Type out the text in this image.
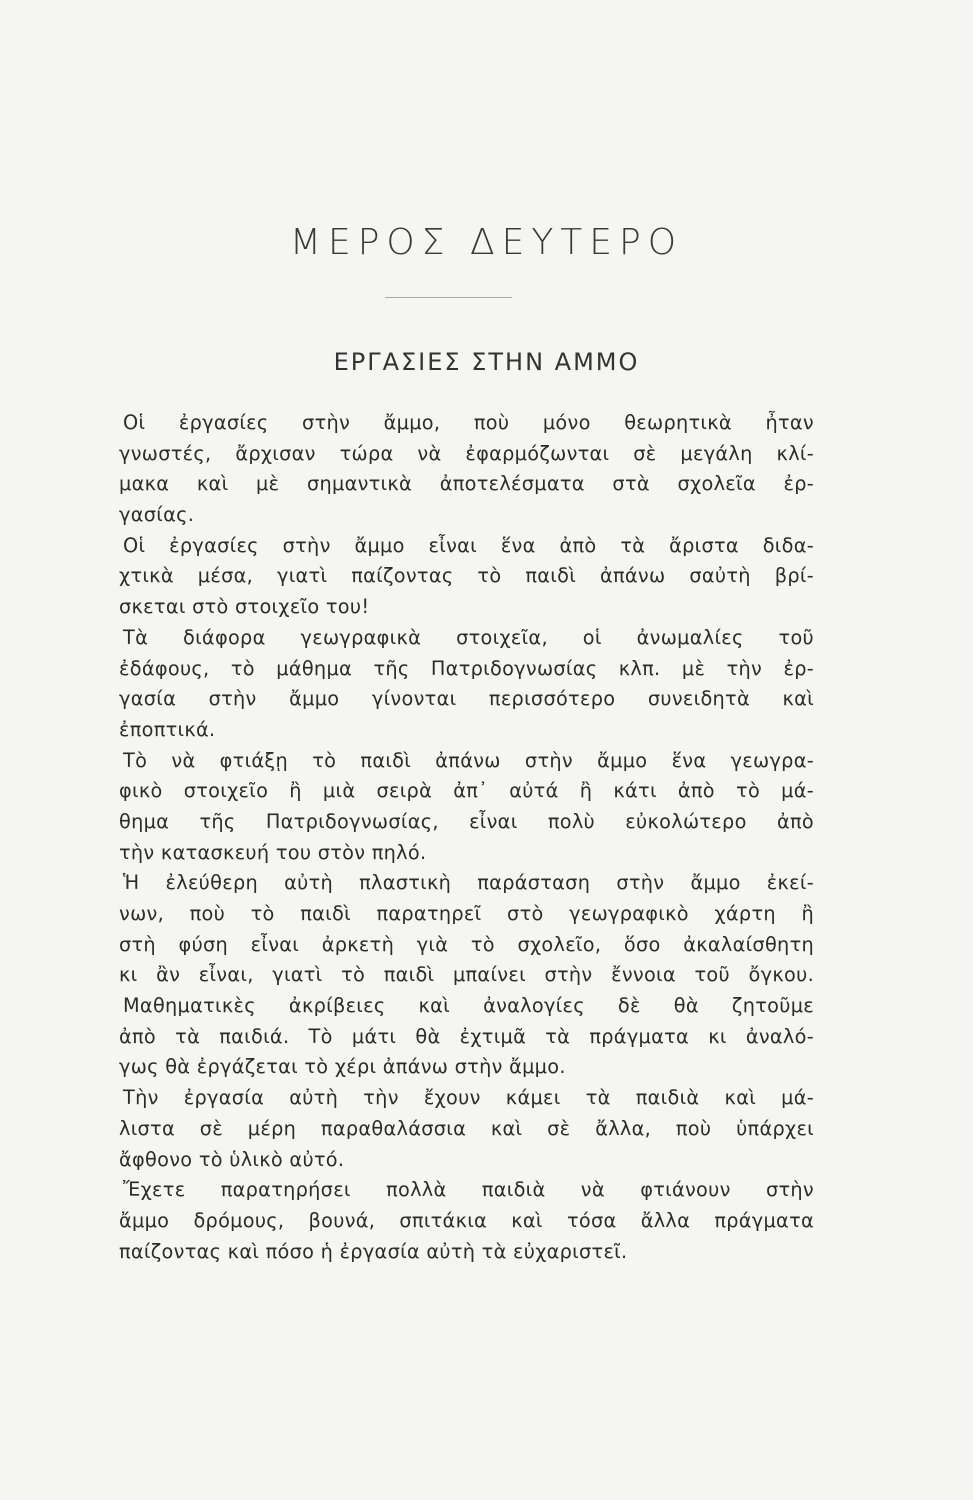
ΜΕΡΟΣ ΔΕΥΤΕΡΟ
ΕΡΓΑΣΙΕΣ ΣΤΗΝ ΑΜΜΟ
Οἱ ἐργασίες στὴν ἄμμο, ποὺ μόνο θεωρητικὰ ἦταν
γνωστές, ἄρχισαν τώρα νὰ ἐφαρμόζωνται σὲ μεγάλη κλί-
μακα καὶ μὲ σημαντικὰ ἀποτελέσματα στὰ σχολεῖα ἐρ-
γασίας.
Οἱ ἐργασίες στὴν ἄμμο εἶναι ἕνα ἀπὸ τὰ ἄριστα διδα-
χτικὰ μέσα, γιατὶ παίζοντας τὸ παιδὶ ἀπάνω σαὐτὴ βρί-
σκεται στὸ στοιχεῖο του!
Τὰ διάφορα γεωγραφικὰ στοιχεῖα, οἱ ἀνωμαλίες τοῦ
ἐδάφους, τὸ μάθημα τῆς Πατριδογνωσίας κλπ. μὲ τὴν ἐρ-
γασία στὴν ἄμμο γίνονται περισσότερο συνειδητὰ καὶ
ἐποπτικά.
Τὸ νὰ φτιάξῃ τὸ παιδὶ ἀπάνω στὴν ἄμμο ἕνα γεωγρα-
φικὸ στοιχεῖο ἢ μιὰ σειρὰ ἀπ᾽ αὐτά ἢ κάτι ἀπὸ τὸ μά-
θημα τῆς Πατριδογνωσίας, εἶναι πολὺ εὐκολώτερο ἀπὸ
τὴν κατασκευή του στὸν πηλό.
Ἡ ἐλεύθερη αὐτὴ πλαστικὴ παράσταση στὴν ἄμμο ἐκεί-
νων, ποὺ τὸ παιδὶ παρατηρεῖ στὸ γεωγραφικὸ χάρτη ἢ
στὴ φύση εἶναι ἀρκετὴ γιὰ τὸ σχολεῖο, ὅσο ἀκαλαίσθητη
κι ἂν εἶναι, γιατὶ τὸ παιδὶ μπαίνει στὴν ἔννοια τοῦ ὄγκου.
Μαθηματικὲς ἀκρίβειες καὶ ἀναλογίες δὲ θὰ ζητοῦμε
ἀπὸ τὰ παιδιά. Τὸ μάτι θὰ ἐχτιμᾶ τὰ πράγματα κι ἀναλό-
γως θὰ ἐργάζεται τὸ χέρι ἀπάνω στὴν ἄμμο.
Τὴν ἐργασία αὐτὴ τὴν ἔχουν κάμει τὰ παιδιὰ καὶ μά-
λιστα σὲ μέρη παραθαλάσσια καὶ σὲ ἄλλα, ποὺ ὑπάρχει
ἄφθονο τὸ ὑλικὸ αὐτό.
Ἔχετε παρατηρήσει πολλὰ παιδιὰ νὰ φτιάνουν στὴν
ἄμμο δρόμους, βουνά, σπιτάκια καὶ τόσα ἄλλα πράγματα
παίζοντας καὶ πόσο ἡ ἐργασία αὐτὴ τὰ εὐχαριστεῖ.
